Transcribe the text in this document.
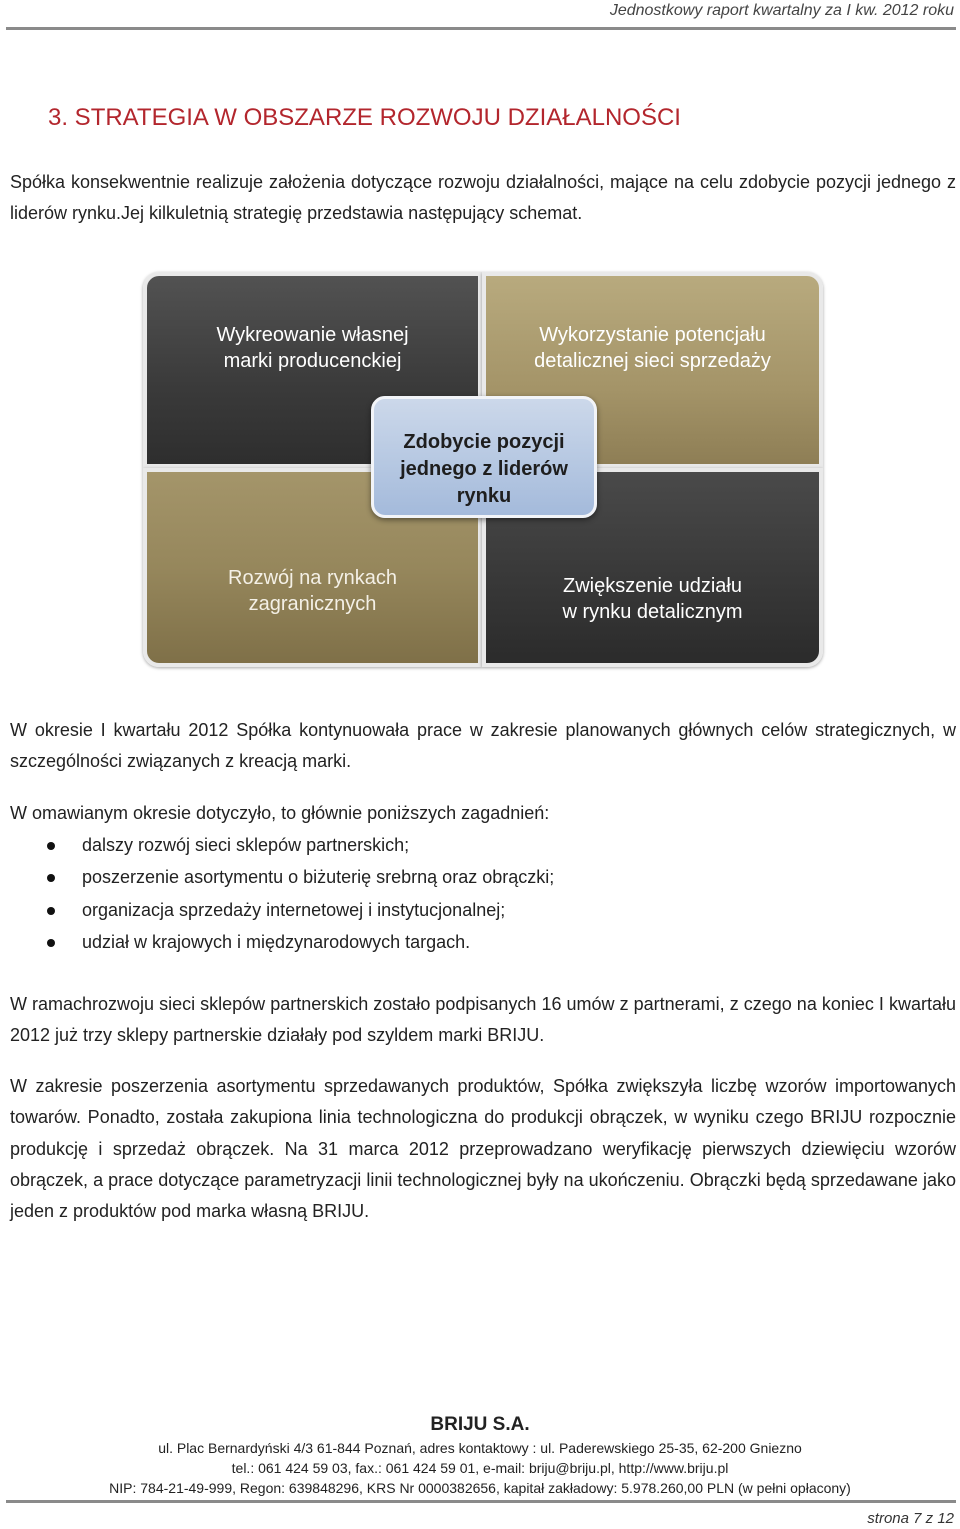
Jednostkowy raport kwartalny za I kw. 2012 roku
3. STRATEGIA W OBSZARZE ROZWOJU DZIAŁALNOŚCI

Spółka konsekwentnie realizuje założenia dotyczące rozwoju działalności, mające na celu zdobycie pozycji jednego z liderów rynku.Jej kilkuletnią strategię przedstawia następujący schemat.

Wykreowanie własnej
marki producenckiej
Wykorzystanie potencjału
detalicznej sieci sprzedaży
Rozwój na rynkach
zagranicznych
Zwiększenie udziału
w rynku detalicznym
Zdobycie pozycji
jednego z liderów
rynku

W okresie I kwartału 2012 Spółka kontynuowała prace w zakresie planowanych głównych celów strategicznych, w szczególności związanych z kreacją marki.

W omawianym okresie dotyczyło, to głównie poniższych zagadnień:

dalszy rozwój sieci sklepów partnerskich;
poszerzenie asortymentu o biżuterię srebrną oraz obrączki;
organizacja sprzedaży internetowej i instytucjonalnej;
udział w krajowych i międzynarodowych targach.

W ramachrozwoju sieci sklepów partnerskich zostało podpisanych 16 umów z partnerami, z czego na koniec I kwartału 2012 już trzy sklepy partnerskie działały pod szyldem marki BRIJU.

W zakresie poszerzenia asortymentu sprzedawanych produktów, Spółka zwiększyła liczbę wzorów importowanych towarów. Ponadto, została zakupiona linia technologiczna do produkcji obrączek, w wyniku czego BRIJU rozpocznie produkcję i sprzedaż obrączek. Na 31 marca 2012 przeprowadzano weryfikację pierwszych dziewięciu wzorów obrączek, a prace dotyczące parametryzacji linii technologicznej były na ukończeniu. Obrączki będą sprzedawane jako jeden z produktów pod marka własną BRIJU.

BRIJU S.A.
ul. Plac Bernardyński 4/3 61-844 Poznań, adres kontaktowy : ul. Paderewskiego 25-35, 62-200 Gniezno
tel.: 061 424 59 03, fax.: 061 424 59 01, e-mail: briju@briju.pl, http://www.briju.pl
NIP: 784-21-49-999, Regon: 639848296, KRS Nr 0000382656, kapitał zakładowy: 5.978.260,00 PLN (w pełni opłacony)
strona 7 z 12
